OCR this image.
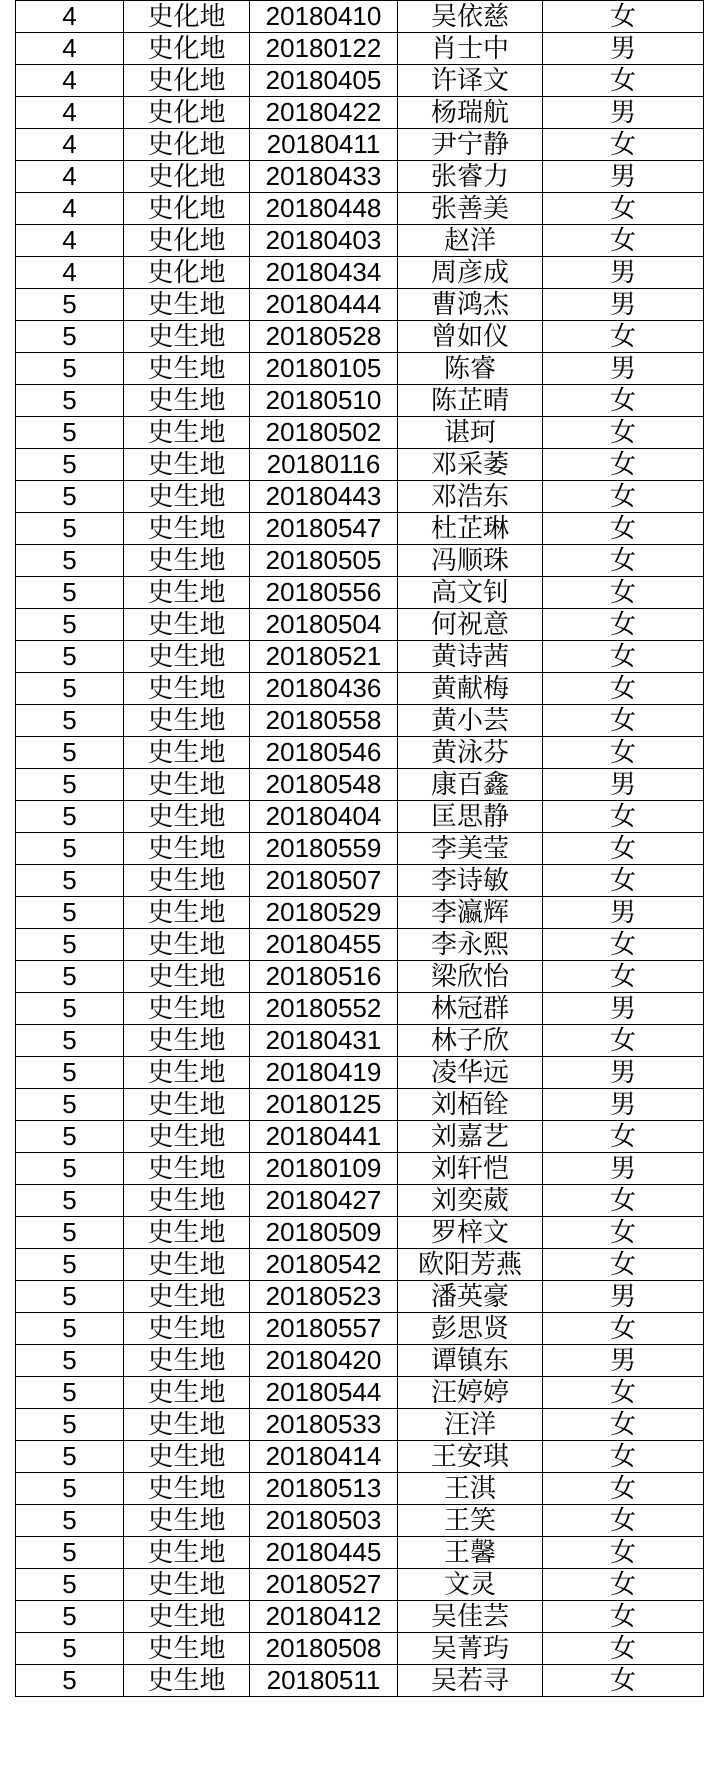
4	史化地	20180410	吴依慈	女
4	史化地	20180122	肖士中	男
4	史化地	20180405	许译文	女
4	史化地	20180422	杨瑞航	男
4	史化地	20180411	尹宁静	女
4	史化地	20180433	张睿力	男
4	史化地	20180448	张善美	女
4	史化地	20180403	赵洋	女
4	史化地	20180434	周彦成	男
5	史生地	20180444	曹鸿杰	男
5	史生地	20180528	曾如仪	女
5	史生地	20180105	陈睿	男
5	史生地	20180510	陈芷晴	女
5	史生地	20180502	谌珂	女
5	史生地	20180116	邓采萎	女
5	史生地	20180443	邓浩东	女
5	史生地	20180547	杜芷琳	女
5	史生地	20180505	冯顺珠	女
5	史生地	20180556	高文钊	女
5	史生地	20180504	何祝意	女
5	史生地	20180521	黄诗茜	女
5	史生地	20180436	黄献梅	女
5	史生地	20180558	黄小芸	女
5	史生地	20180546	黄泳芬	女
5	史生地	20180548	康百鑫	男
5	史生地	20180404	匡思静	女
5	史生地	20180559	李美莹	女
5	史生地	20180507	李诗敏	女
5	史生地	20180529	李瀛辉	男
5	史生地	20180455	李永熙	女
5	史生地	20180516	梁欣怡	女
5	史生地	20180552	林冠群	男
5	史生地	20180431	林子欣	女
5	史生地	20180419	凌华远	男
5	史生地	20180125	刘栢铨	男
5	史生地	20180441	刘嘉艺	女
5	史生地	20180109	刘轩恺	男
5	史生地	20180427	刘奕葳	女
5	史生地	20180509	罗梓文	女
5	史生地	20180542	欧阳芳燕	女
5	史生地	20180523	潘英豪	男
5	史生地	20180557	彭思贤	女
5	史生地	20180420	谭镇东	男
5	史生地	20180544	汪婷婷	女
5	史生地	20180533	汪洋	女
5	史生地	20180414	王安琪	女
5	史生地	20180513	王淇	女
5	史生地	20180503	王笑	女
5	史生地	20180445	王馨	女
5	史生地	20180527	文灵	女
5	史生地	20180412	吴佳芸	女
5	史生地	20180508	吴菁玙	女
5	史生地	20180511	吴若寻	女
